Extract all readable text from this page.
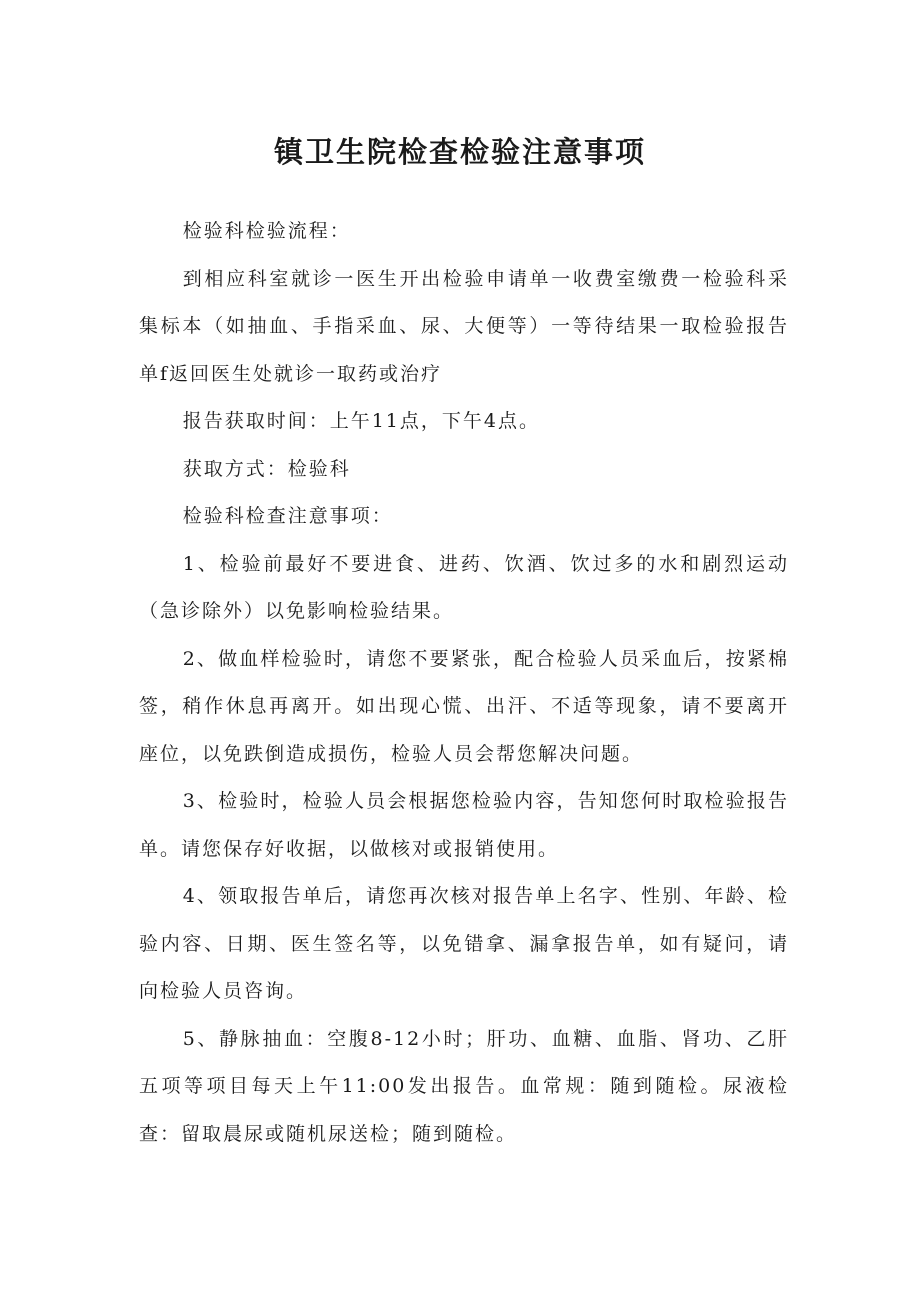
镇卫生院检查检验注意事项

检验科检验流程：

到相应科室就诊一医生开出检验申请单一收费室缴费一检验科采集标本（如抽血、手指采血、尿、大便等）一等待结果一取检验报告单f返回医生处就诊一取药或治疗

报告获取时间：上午11点，下午4点。

获取方式：检验科

检验科检查注意事项：

1、检验前最好不要进食、进药、饮酒、饮过多的水和剧烈运动（急诊除外）以免影响检验结果。

2、做血样检验时，请您不要紧张，配合检验人员采血后，按紧棉签，稍作休息再离开。如出现心慌、出汗、不适等现象，请不要离开座位，以免跌倒造成损伤，检验人员会帮您解决问题。

3、检验时，检验人员会根据您检验内容，告知您何时取检验报告单。请您保存好收据，以做核对或报销使用。

4、领取报告单后，请您再次核对报告单上名字、性别、年龄、检验内容、日期、医生签名等，以免错拿、漏拿报告单，如有疑问，请向检验人员咨询。

5、静脉抽血：空腹8-12小时；肝功、血糖、血脂、肾功、乙肝五项等项目每天上午11:00发出报告。血常规：随到随检。尿液检查：留取晨尿或随机尿送检；随到随检。
